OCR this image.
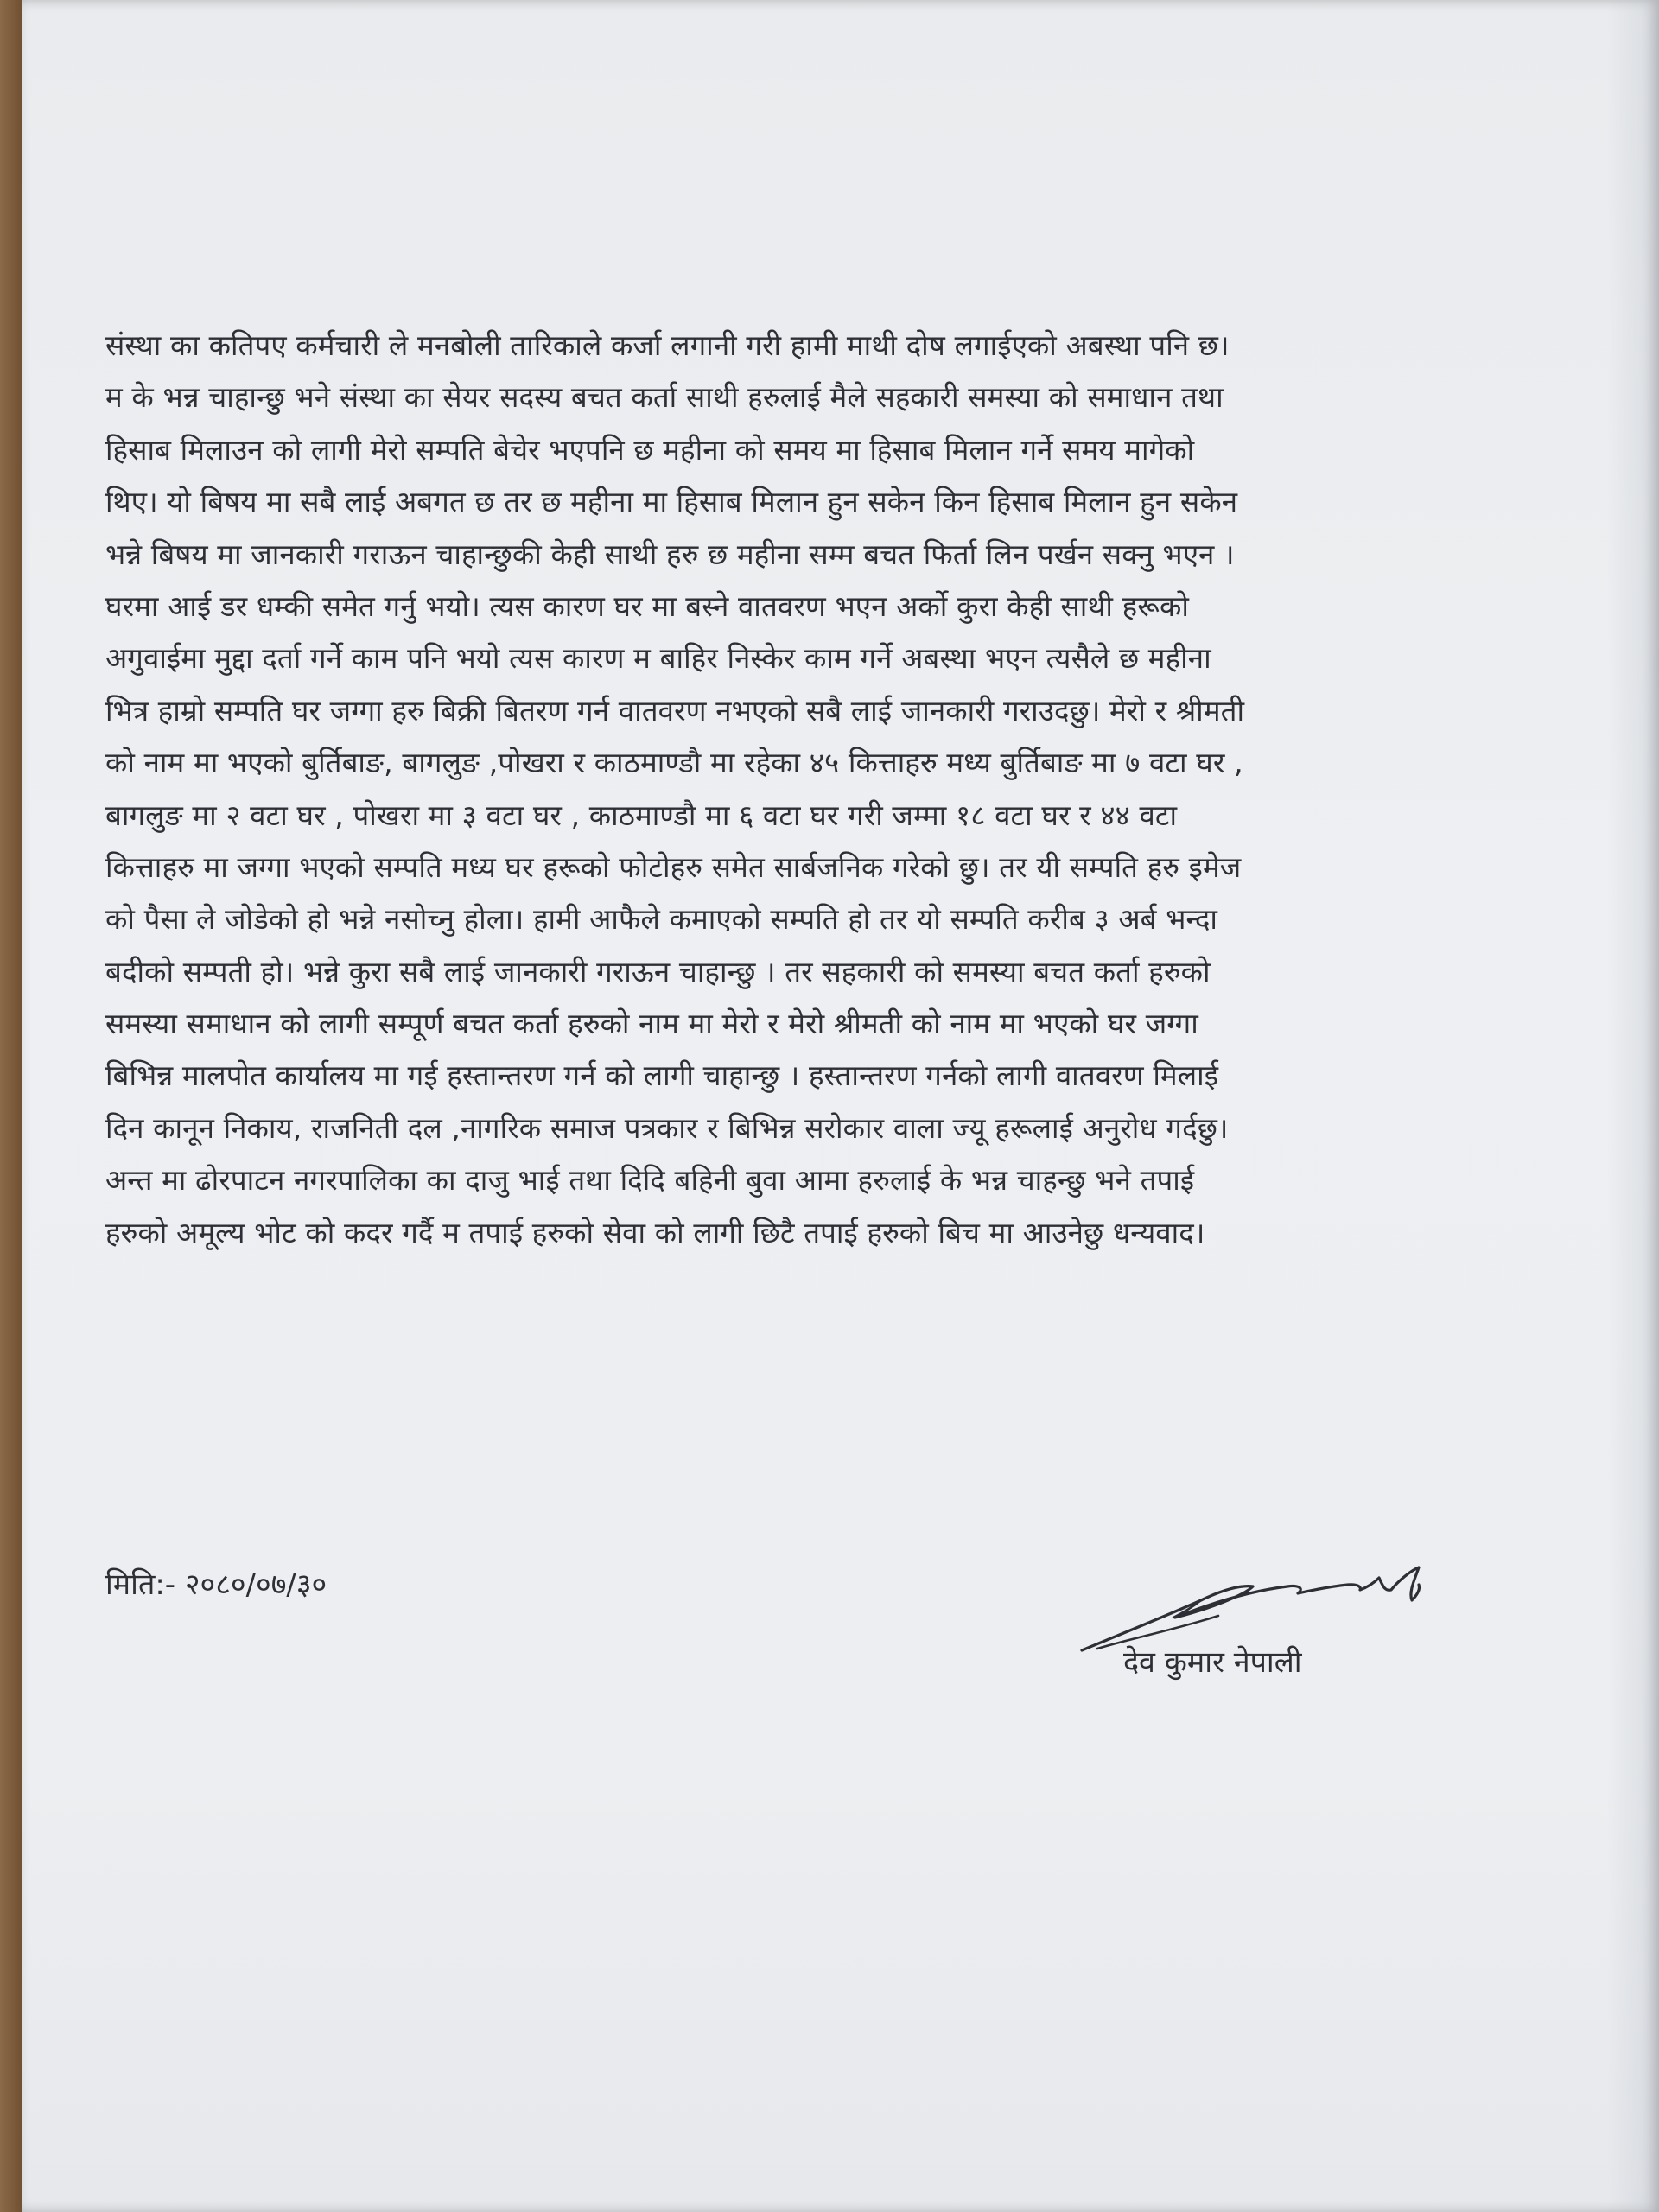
संस्था का कतिपए कर्मचारी ले मनबोली तारिकाले कर्जा लगानी गरी हामी माथी दोष लगाईएको अबस्था पनि छ।
म के भन्न चाहान्छु भने संस्था का सेयर सदस्य बचत कर्ता साथी हरुलाई मैले सहकारी समस्या को समाधान तथा
हिसाब मिलाउन को लागी मेरो सम्पति बेचेर भएपनि छ महीना को समय मा हिसाब मिलान गर्ने समय मागेको
थिए। यो बिषय मा सबै लाई अबगत छ तर छ महीना मा हिसाब मिलान हुन सकेन किन हिसाब मिलान हुन सकेन
भन्ने बिषय मा जानकारी गराऊन चाहान्छुकी केही साथी हरु छ महीना सम्म बचत फिर्ता लिन पर्खन सक्नु भएन ।
घरमा आई डर धम्की समेत गर्नु भयो। त्यस कारण घर मा बस्ने वातवरण भएन अर्को कुरा केही साथी हरूको
अगुवाईमा मुद्दा दर्ता गर्ने काम पनि भयो त्यस कारण म बाहिर निस्केर काम गर्ने अबस्था भएन त्यसैले छ महीना
भित्र हाम्रो सम्पति घर जग्गा हरु बिक्री बितरण गर्न वातवरण नभएको सबै लाई जानकारी गराउदछु। मेरो र श्रीमती
को नाम मा भएको बुर्तिबाङ, बागलुङ ,पोखरा र काठमाण्डौ मा रहेका ४५ कित्ताहरु मध्य बुर्तिबाङ मा ७ वटा घर ,
बागलुङ मा २ वटा घर , पोखरा मा ३ वटा घर , काठमाण्डौ मा ६ वटा घर गरी जम्मा १८ वटा घर र ४४ वटा
कित्ताहरु मा जग्गा भएको सम्पति मध्य घर हरूको फोटोहरु समेत सार्बजनिक गरेको छु। तर यी सम्पति हरु इमेज
को पैसा ले जोडेको हो भन्ने नसोच्नु होला। हामी आफैले कमाएको सम्पति हो तर यो सम्पति करीब ३ अर्ब भन्दा
बदीको सम्पती हो। भन्ने कुरा सबै लाई जानकारी गराऊन चाहान्छु । तर सहकारी को समस्या बचत कर्ता हरुको
समस्या समाधान को लागी सम्पूर्ण बचत कर्ता हरुको नाम मा मेरो र मेरो श्रीमती को नाम मा भएको घर जग्गा
बिभिन्न मालपोत कार्यालय मा गई हस्तान्तरण गर्न को लागी चाहान्छु । हस्तान्तरण गर्नको लागी वातवरण मिलाई
दिन कानून निकाय, राजनिती दल ,नागरिक समाज पत्रकार र बिभिन्न सरोकार वाला ज्यू हरूलाई अनुरोध गर्दछु।
अन्त मा ढोरपाटन नगरपालिका का दाजु भाई तथा दिदि बहिनी बुवा आमा हरुलाई के भन्न चाहन्छु भने तपाई
हरुको अमूल्य भोट को कदर गर्दै म तपाई हरुको सेवा को लागी छिटै तपाई हरुको बिच मा आउनेछु धन्यवाद।
मिति:- २०८०/०७/३०
देव कुमार नेपाली
